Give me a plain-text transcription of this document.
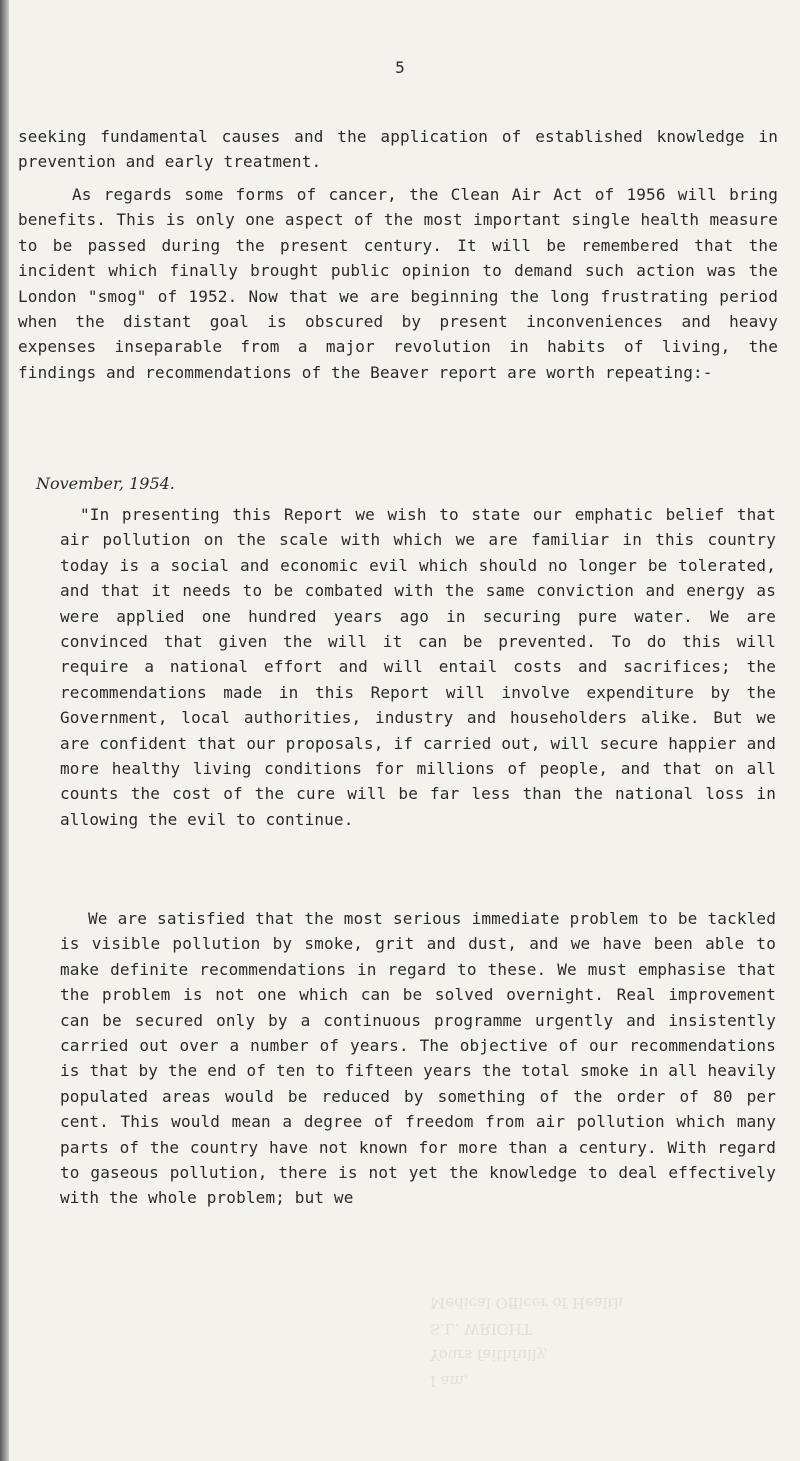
5

seeking fundamental causes and the application of established knowledge in prevention and early treatment.

As regards some forms of cancer, the Clean Air Act of 1956 will bring benefits. This is only one aspect of the most important single health measure to be passed during the present century. It will be remembered that the incident which finally brought public opinion to demand such action was the London "smog" of 1952. Now that we are beginning the long frustrating period when the distant goal is obscured by present inconveniences and heavy expenses inseparable from a major revolution in habits of living, the findings and recommendations of the Beaver report are worth repeating:-

November, 1954.

"In presenting this Report we wish to state our emphatic belief that air pollution on the scale with which we are familiar in this country today is a social and economic evil which should no longer be tolerated, and that it needs to be combated with the same conviction and energy as were applied one hundred years ago in securing pure water. We are convinced that given the will it can be prevented. To do this will require a national effort and will entail costs and sacrifices; the recommendations made in this Report will involve expenditure by the Government, local authorities, industry and householders alike. But we are confident that our proposals, if carried out, will secure happier and more healthy living conditions for millions of people, and that on all counts the cost of the cure will be far less than the national loss in allowing the evil to continue.

We are satisfied that the most serious immediate problem to be tackled is visible pollution by smoke, grit and dust, and we have been able to make definite recommendations in regard to these. We must emphasise that the problem is not one which can be solved overnight. Real improvement can be secured only by a continuous programme urgently and insistently carried out over a number of years. The objective of our recommendations is that by the end of ten to fifteen years the total smoke in all heavily populated areas would be reduced by something of the order of 80 per cent. This would mean a degree of freedom from air pollution which many parts of the country have not known for more than a century. With regard to gaseous pollution, there is not yet the knowledge to deal effectively with the whole problem; but we

Medical Officer of Health
S.L. WRIGHT
Yours faithfully,
I am,
